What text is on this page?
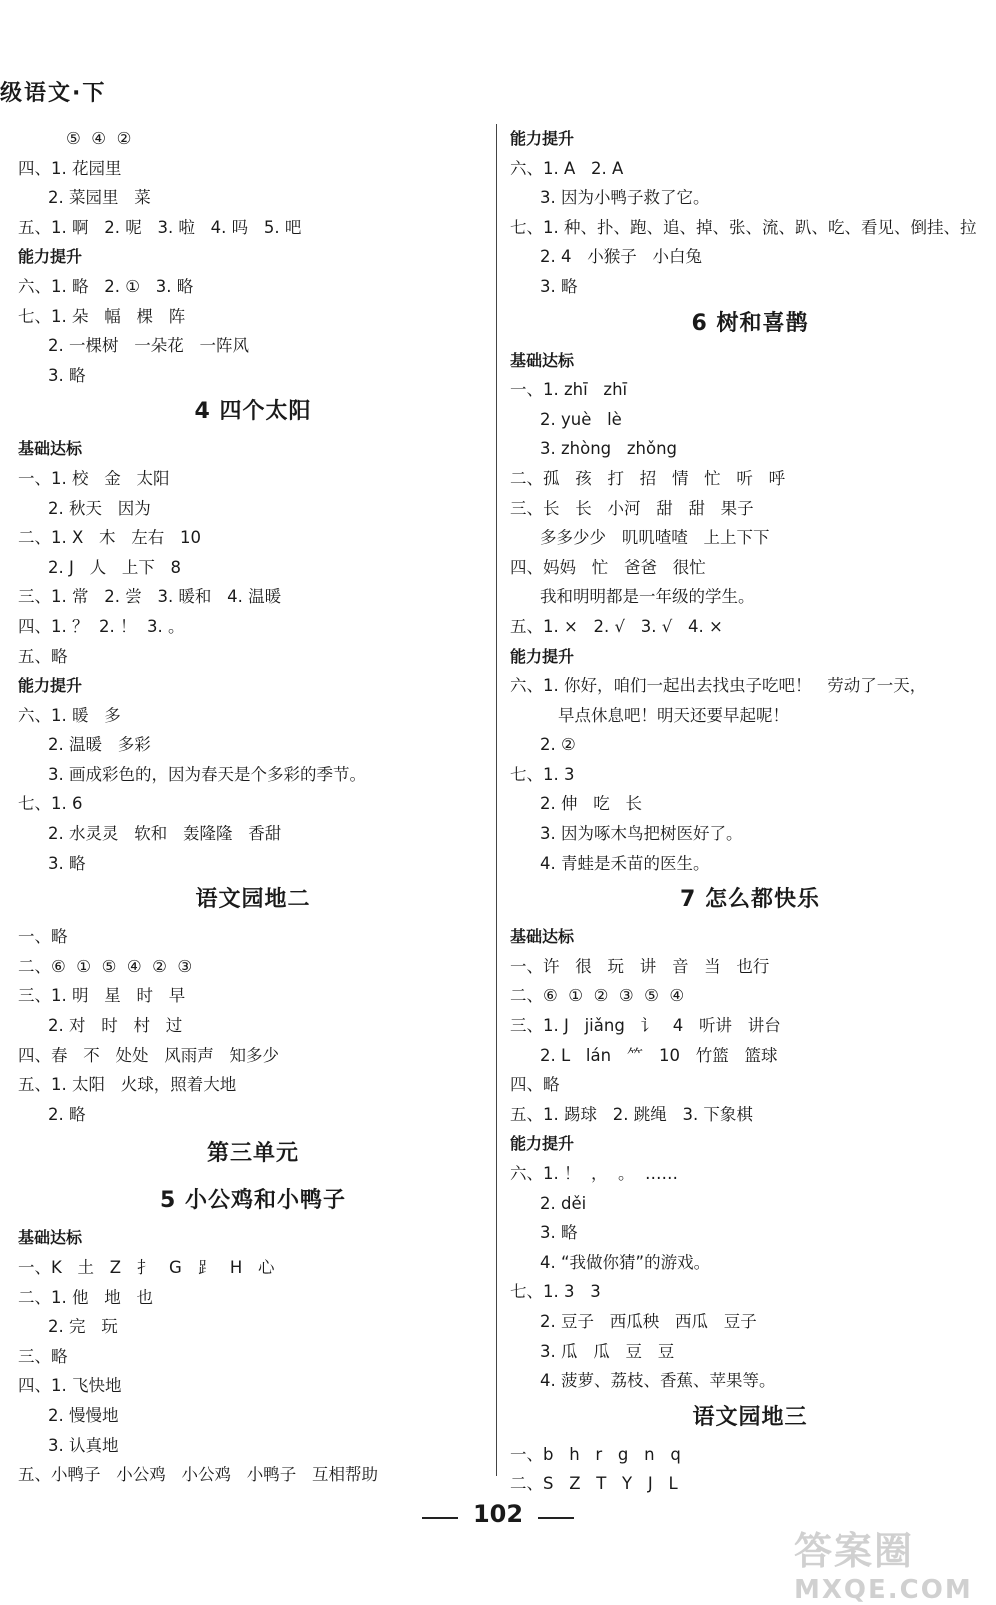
级语文·下
⑤  ④  ②
四、1. 花园里
2. 菜园里   菜
五、1. 啊   2. 呢   3. 啦   4. 吗   5. 吧
能力提升
六、1. 略   2. ①   3. 略
七、1. 朵   幅   棵   阵
2. 一棵树   一朵花   一阵风
3. 略
4 四个太阳
基础达标
一、1. 校   金   太阳
2. 秋天   因为
二、1. X   木   左右   10
2. J   人   上下   8
三、1. 常   2. 尝   3. 暖和   4. 温暖
四、1. ？  2. ！  3. 。
五、略
能力提升
六、1. 暖   多
2. 温暖   多彩
3. 画成彩色的，因为春天是个多彩的季节。
七、1. 6
2. 水灵灵   软和   轰隆隆   香甜
3. 略
语文园地二
一、略
二、⑥  ①  ⑤  ④  ②  ③
三、1. 明   星   时   早
2. 对   时   村   过
四、春   不   处处   风雨声   知多少
五、1. 太阳   火球，照着大地
2. 略
第三单元
5 小公鸡和小鸭子
基础达标
一、K   土   Z   扌   G   ⻊   H   心
二、1. 他   地   也
2. 完   玩
三、略
四、1. 飞快地
2. 慢慢地
3. 认真地
五、小鸭子   小公鸡   小公鸡   小鸭子   互相帮助
能力提升
六、1. A   2. A
3. 因为小鸭子救了它。
七、1. 种、扑、跑、追、掉、张、流、趴、吃、看见、倒挂、拉
2. 4   小猴子   小白兔
3. 略
6 树和喜鹊
基础达标
一、1. zhī   zhī
2. yuè   lè
3. zhòng   zhǒng
二、孤   孩   打   招   情   忙   听   呼
三、长   长   小河   甜   甜   果子
多多少少   叽叽喳喳   上上下下
四、妈妈   忙   爸爸   很忙
我和明明都是一年级的学生。
五、1. ×   2. √   3. √   4. ×
能力提升
六、1. 你好，咱们一起出去找虫子吃吧！   劳动了一天，
早点休息吧！明天还要早起呢！
2. ②
七、1. 3
2. 伸   吃   长
3. 因为啄木鸟把树医好了。
4. 青蛙是禾苗的医生。
7 怎么都快乐
基础达标
一、许   很   玩   讲   音   当   也行
二、⑥  ①  ②  ③  ⑤  ④
三、1. J   jiǎng   讠   4   听讲   讲台
2. L   lán   ⺮   10   竹篮   篮球
四、略
五、1. 踢球   2. 跳绳   3. 下象棋
能力提升
六、1. ！  ，  。  ……
2. děi
3. 略
4. “我做你猜”的游戏。
七、1. 3   3
2. 豆子   西瓜秧   西瓜   豆子
3. 瓜   瓜   豆   豆
4. 菠萝、荔枝、香蕉、苹果等。
语文园地三
一、b   h   r   g   n   q
二、S   Z   T   Y   J   L
102
答案圈
MXQE.COM
